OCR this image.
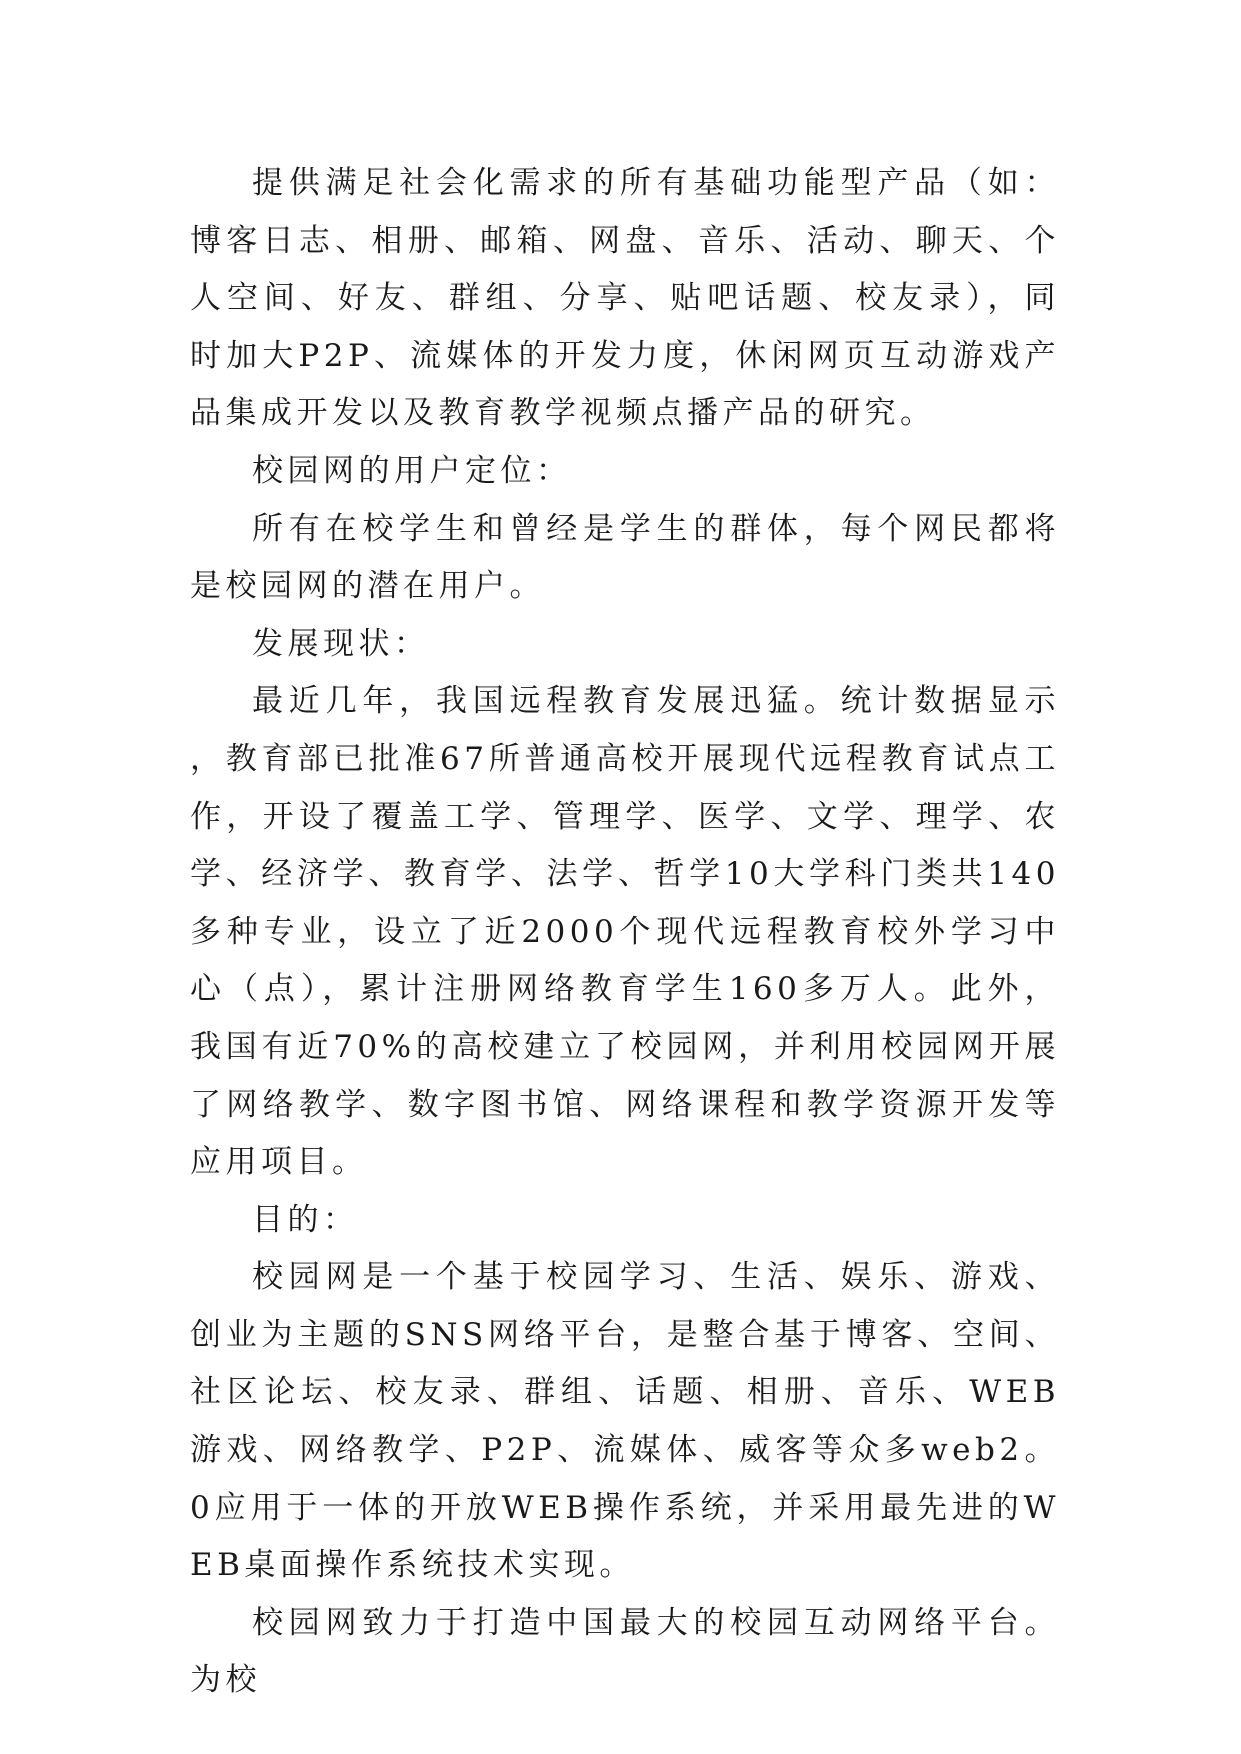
提供满足社会化需求的所有基础功能型产品（如：博客日志、相册、邮箱、网盘、音乐、活动、聊天、个人空间、好友、群组、分享、贴吧话题、校友录），同时加大P2P、流媒体的开发力度，休闲网页互动游戏产品集成开发以及教育教学视频点播产品的研究。

校园网的用户定位：

所有在校学生和曾经是学生的群体，每个网民都将是校园网的潜在用户。

发展现状：

最近几年，我国远程教育发展迅猛。统计数据显示，教育部已批准67所普通高校开展现代远程教育试点工作，开设了覆盖工学、管理学、医学、文学、理学、农学、经济学、教育学、法学、哲学10大学科门类共140多种专业，设立了近2000个现代远程教育校外学习中心（点），累计注册网络教育学生160多万人。此外，我国有近70%的高校建立了校园网，并利用校园网开展了网络教学、数字图书馆、网络课程和教学资源开发等应用项目。

目的：

校园网是一个基于校园学习、生活、娱乐、游戏、创业为主题的SNS网络平台，是整合基于博客、空间、社区论坛、校友录、群组、话题、相册、音乐、WEB游戏、网络教学、P2P、流媒体、威客等众多web2。0应用于一体的开放WEB操作系统，并采用最先进的WEB桌面操作系统技术实现。

校园网致力于打造中国最大的校园互动网络平台。为校
